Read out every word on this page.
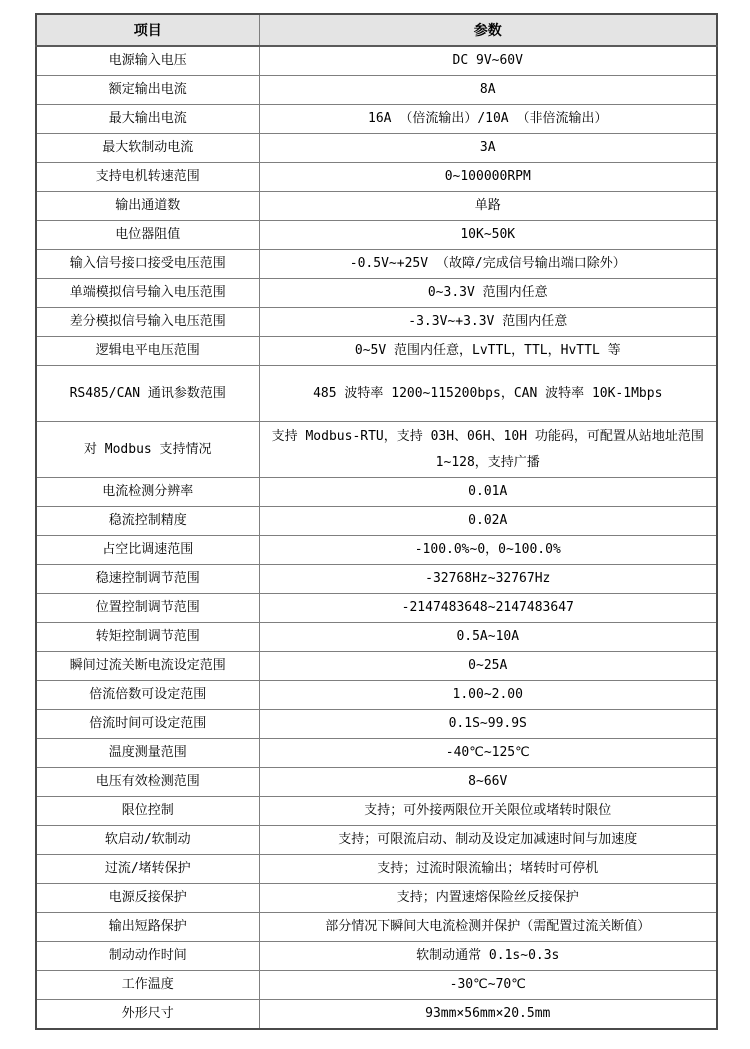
项目	参数
电源输入电压	DC 9V~60V
额定输出电流	8A
最大输出电流	16A （倍流输出）/10A （非倍流输出）
最大软制动电流	3A
支持电机转速范围	0~100000RPM
输出通道数	单路
电位器阻值	10K~50K
输入信号接口接受电压范围	-0.5V~+25V （故障/完成信号输出端口除外）
单端模拟信号输入电压范围	0~3.3V 范围内任意
差分模拟信号输入电压范围	-3.3V~+3.3V 范围内任意
逻辑电平电压范围	0~5V 范围内任意，LvTTL，TTL，HvTTL 等
RS485/CAN 通讯参数范围	485 波特率 1200~115200bps，CAN 波特率 10K-1Mbps
对 Modbus 支持情况	支持 Modbus-RTU，支持 03H、06H、10H 功能码，可配置从站地址范围 1~128，支持广播
电流检测分辨率	0.01A
稳流控制精度	0.02A
占空比调速范围	-100.0%~0，0~100.0%
稳速控制调节范围	-32768Hz~32767Hz
位置控制调节范围	-2147483648~2147483647
转矩控制调节范围	0.5A~10A
瞬间过流关断电流设定范围	0~25A
倍流倍数可设定范围	1.00~2.00
倍流时间可设定范围	0.1S~99.9S
温度测量范围	-40℃~125℃
电压有效检测范围	8~66V
限位控制	支持；可外接两限位开关限位或堵转时限位
软启动/软制动	支持；可限流启动、制动及设定加减速时间与加速度
过流/堵转保护	支持；过流时限流输出；堵转时可停机
电源反接保护	支持；内置速熔保险丝反接保护
输出短路保护	部分情况下瞬间大电流检测并保护（需配置过流关断值）
制动动作时间	软制动通常 0.1s~0.3s
工作温度	-30℃~70℃
外形尺寸	93mm×56mm×20.5mm
